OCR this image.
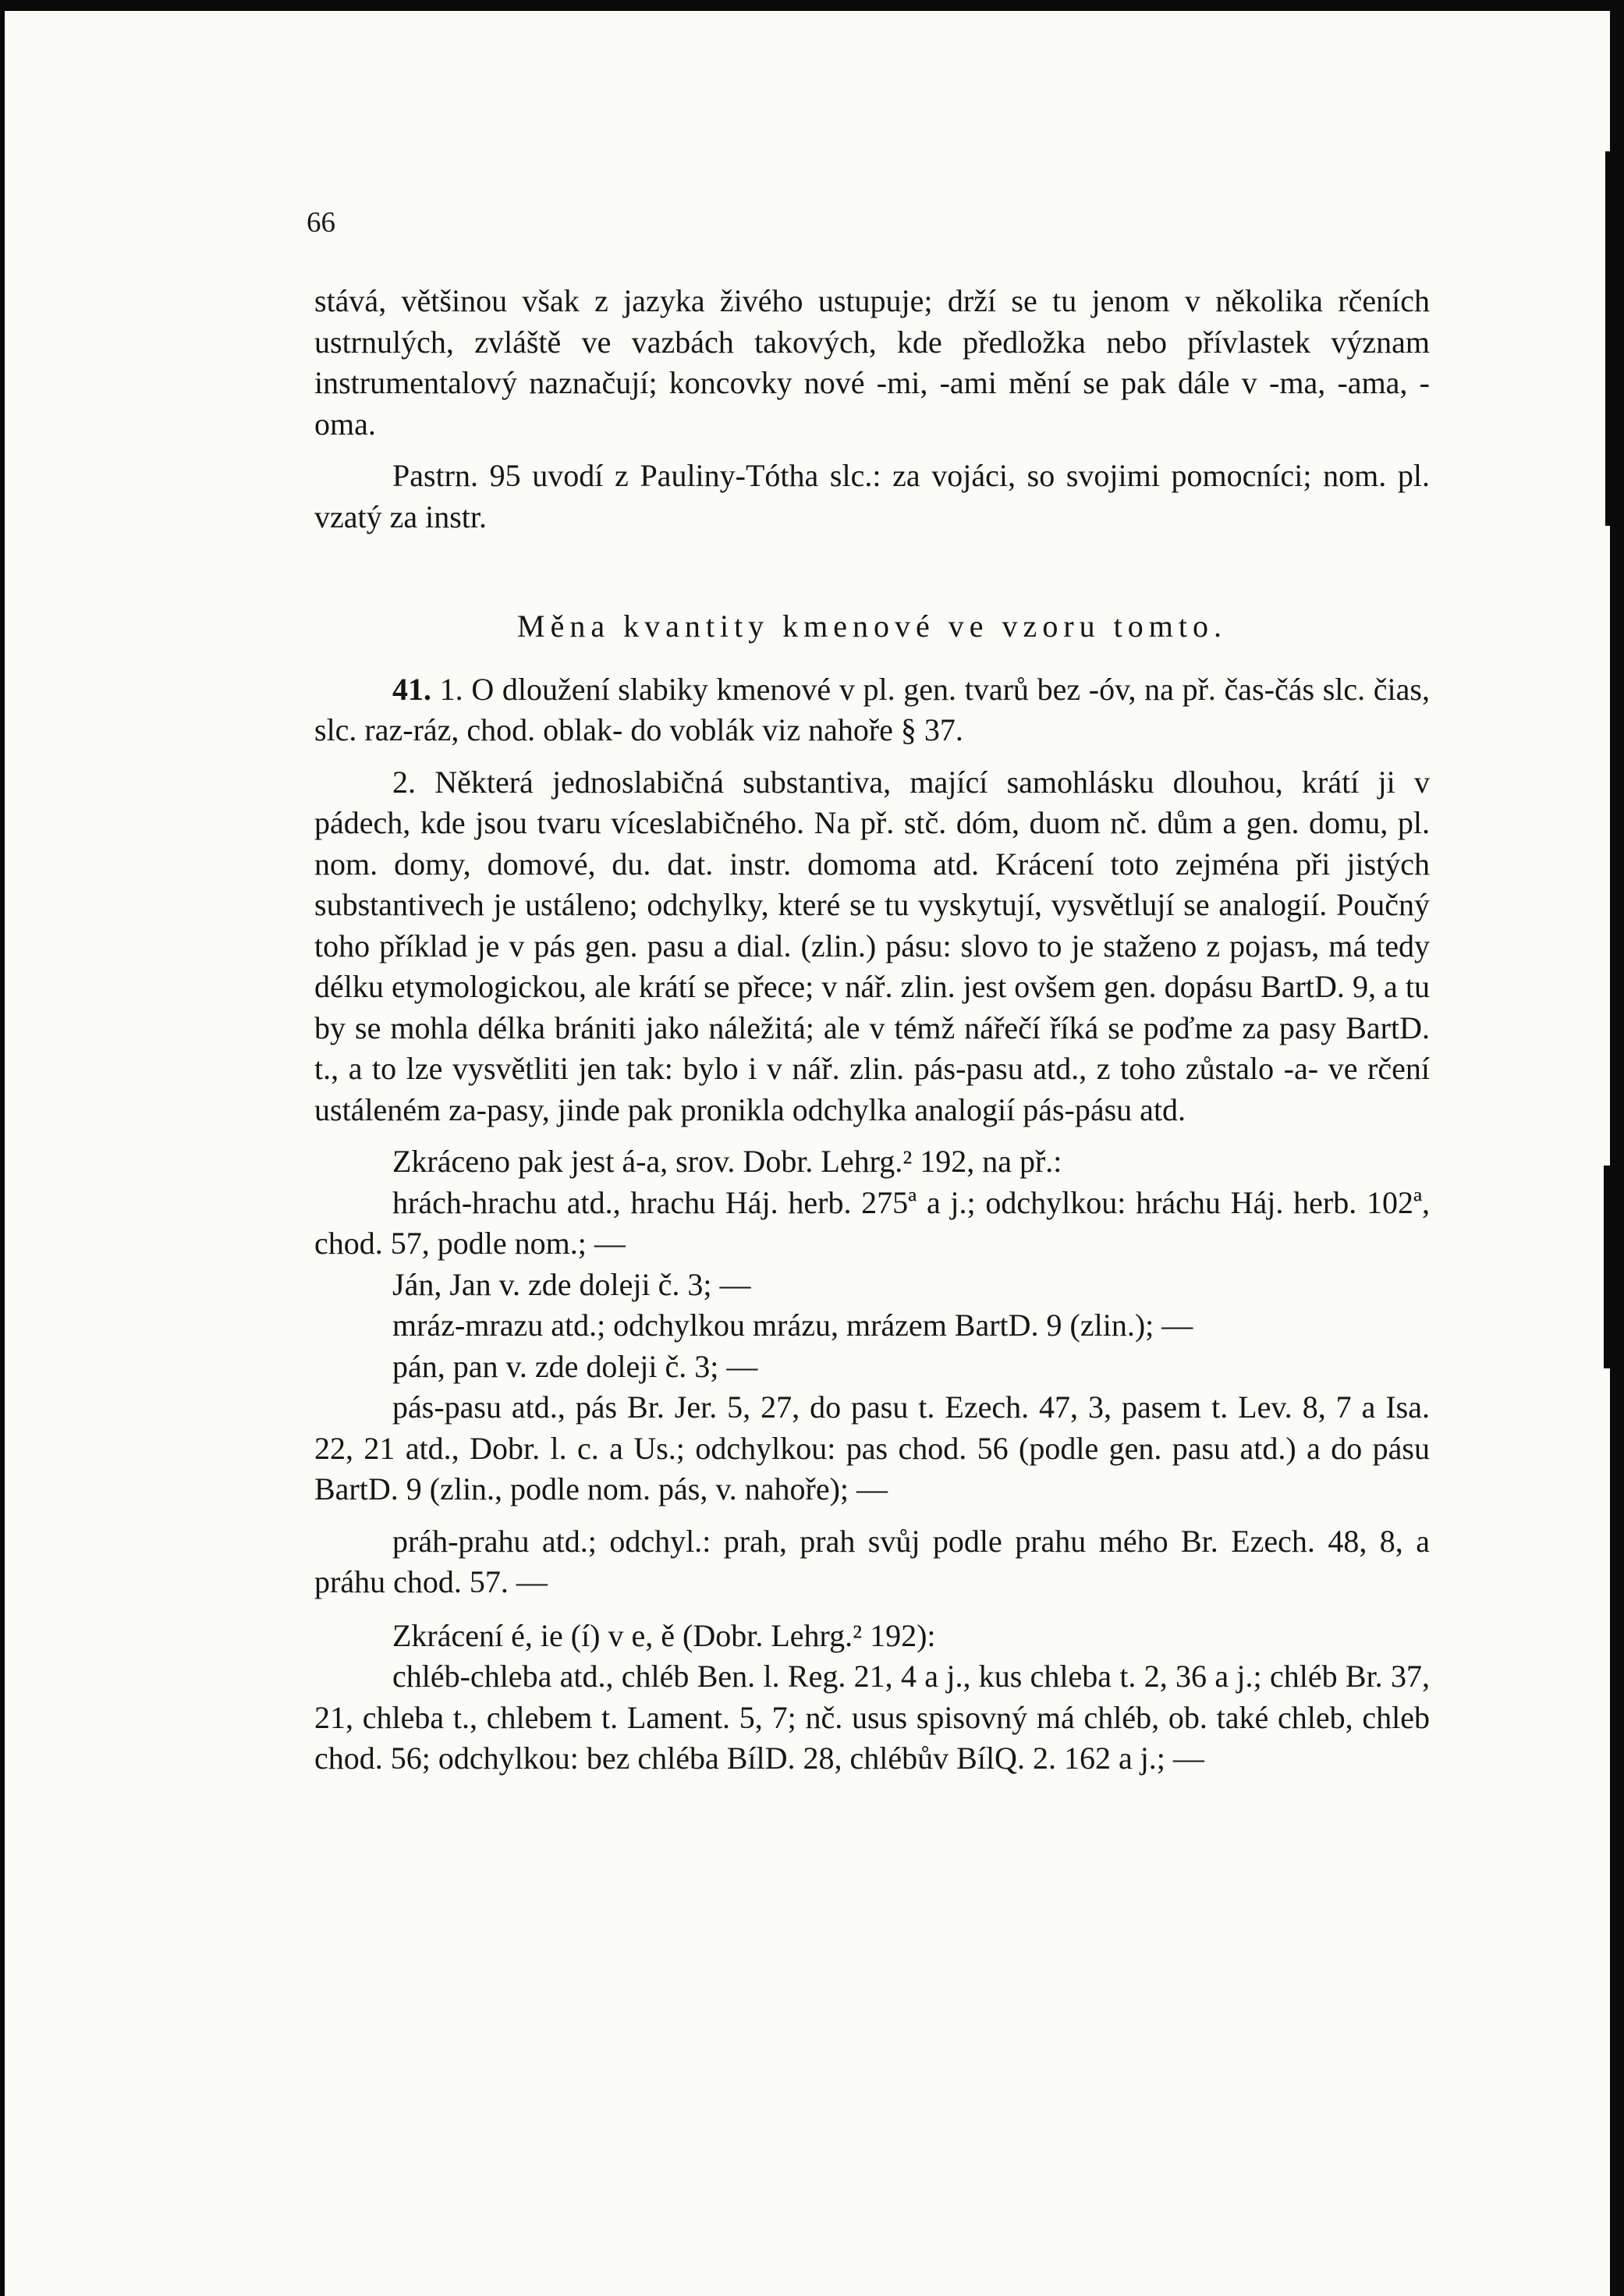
66

stává, většinou však z jazyka živého ustupuje; drží se tu jenom v několika rčeních ustrnulých, zvláště ve vazbách takových, kde předložka nebo přívlastek význam instrumentalový naznačují; koncovky nové -mi, -ami mění se pak dále v -ma, -ama, -oma.

Pastrn. 95 uvodí z Pauliny-Tótha slc.: za vojáci, so svojimi pomocníci; nom. pl. vzatý za instr.

Měna kvantity kmenové ve vzoru tomto.

41. 1. O dloužení slabiky kmenové v pl. gen. tvarů bez -óv, na př. čas-čás slc. čias, slc. raz-ráz, chod. oblak- do voblák viz nahoře § 37.

2. Některá jednoslabičná substantiva, mající samohlásku dlouhou, krátí ji v pádech, kde jsou tvaru víceslabičného. Na př. stč. dóm, duom nč. dům a gen. domu, pl. nom. domy, domové, du. dat. instr. domoma atd. Krácení toto zejména při jistých substantivech je ustáleno; odchylky, které se tu vyskytují, vysvětlují se analogií. Poučný toho příklad je v pás gen. pasu a dial. (zlin.) pásu: slovo to je staženo z pojasъ, má tedy délku etymologickou, ale krátí se přece; v nář. zlin. jest ovšem gen. dopásu BartD. 9, a tu by se mohla délka brániti jako náležitá; ale v témž nářečí říká se poďme za pasy BartD. t., a to lze vysvětliti jen tak: bylo i v nář. zlin. pás-pasu atd., z toho zůstalo -a- ve rčení ustáleném za-pasy, jinde pak pronikla odchylka analogií pás-pásu atd.

Zkráceno pak jest á-a, srov. Dobr. Lehrg.² 192, na př.:

hrách-hrachu atd., hrachu Háj. herb. 275ª a j.; odchylkou: hráchu Háj. herb. 102ª, chod. 57, podle nom.; —

Ján, Jan v. zde doleji č. 3; —

mráz-mrazu atd.; odchylkou mrázu, mrázem BartD. 9 (zlin.); —

pán, pan v. zde doleji č. 3; —

pás-pasu atd., pás Br. Jer. 5, 27, do pasu t. Ezech. 47, 3, pasem t. Lev. 8, 7 a Isa. 22, 21 atd., Dobr. l. c. a Us.; odchylkou: pas chod. 56 (podle gen. pasu atd.) a do pásu BartD. 9 (zlin., podle nom. pás, v. nahoře); —

práh-prahu atd.; odchyl.: prah, prah svůj podle prahu mého Br. Ezech. 48, 8, a práhu chod. 57. —

Zkrácení é, ie (í) v e, ě (Dobr. Lehrg.² 192):

chléb-chleba atd., chléb Ben. l. Reg. 21, 4 a j., kus chleba t. 2, 36 a j.; chléb Br. 37, 21, chleba t., chlebem t. Lament. 5, 7; nč. usus spisovný má chléb, ob. také chleb, chleb chod. 56; odchylkou: bez chléba BílD. 28, chlébův BílQ. 2. 162 a j.; —
